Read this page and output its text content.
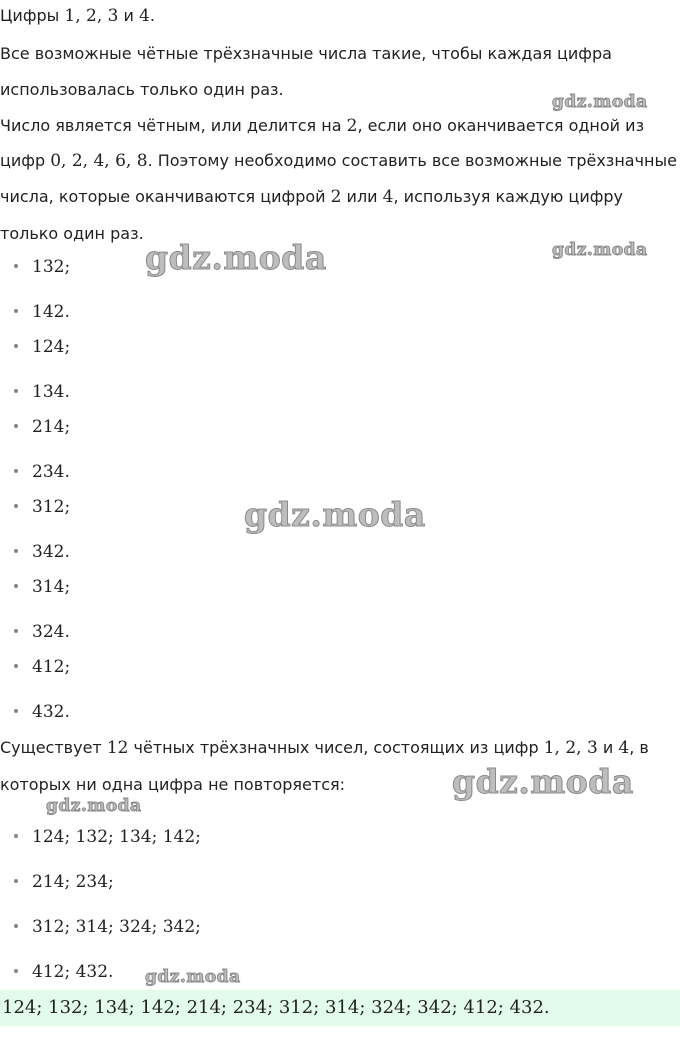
Цифры 1, 2, 3 и 4.
Все возможные чётные трёхзначные числа такие, чтобы каждая цифра
использовалась только один раз.
Число является чётным, или делится на 2, если оно оканчивается одной из
цифр 0, 2, 4, 6, 8. Поэтому необходимо составить все возможные трёхзначные
числа, которые оканчиваются цифрой 2 или 4, используя каждую цифру
только один раз.
132;
142.
124;
134.
214;
234.
312;
342.
314;
324.
412;
432.
Существует 12 чётных трёхзначных чисел, состоящих из цифр 1, 2, 3 и 4, в
которых ни одна цифра не повторяется:
124; 132; 134; 142;
214; 234;
312; 314; 324; 342;
412; 432.
124; 132; 134; 142; 214; 234; 312; 314; 324; 342; 412; 432.
gdz.moda
gdz.moda
gdz.moda
gdz.moda
gdz.moda
gdz.moda
gdz.moda
